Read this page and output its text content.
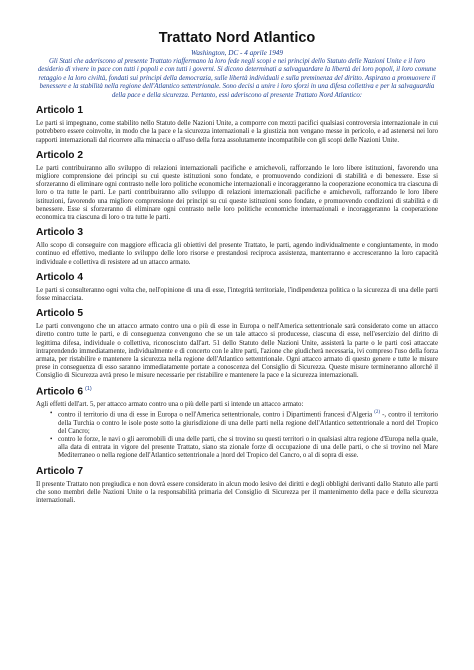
Trattato Nord Atlantico
Washington, DC - 4 aprile 1949
Gli Stati che aderiscono al presente Trattato riaffermano la loro fede negli scopi e nei principi dello Statuto delle Nazioni Unite e il loro desiderio di vivere in pace con tutti i popoli e con tutti i governi. Si dicono determinati a salvaguardare la libertà dei loro popoli, il loro comune retaggio e la loro civiltà, fondati sui principi della democrazia, sulle libertà individuali e sulla preminenza del diritto. Aspirano a promuovere il benessere e la stabilità nella regione dell'Atlantico settentrionale. Sono decisi a unire i loro sforzi in una difesa collettiva e per la salvaguardia della pace e della sicurezza. Pertanto, essi aderiscono al presente Trattato Nord Atlantico:
Articolo 1

Le parti si impegnano, come stabilito nello Statuto delle Nazioni Unite, a comporre con mezzi pacifici qualsiasi controversia internazionale in cui potrebbero essere coinvolte, in modo che la pace e la sicurezza internazionali e la giustizia non vengano messe in pericolo, e ad astenersi nei loro rapporti internazionali dal ricorrere alla minaccia o all'uso della forza assolutamente incompatibile con gli scopi delle Nazioni Unite.

Articolo 2

Le parti contribuiranno allo sviluppo di relazioni internazionali pacifiche e amichevoli, rafforzando le loro libere istituzioni, favorendo una migliore comprensione dei principi su cui queste istituzioni sono fondate, e promuovendo condizioni di stabilità e di benessere. Esse si sforzeranno di eliminare ogni contrasto nelle loro politiche economiche internazionali e incoraggeranno la cooperazione economica tra ciascuna di loro o tra tutte le parti. Le parti contribuiranno allo sviluppo di relazioni internazionali pacifiche e amichevoli, rafforzando le loro libere istituzioni, favorendo una migliore comprensione dei principi su cui queste istituzioni sono fondate, e promuovendo condizioni di stabilità e di benessere. Esse si sforzeranno di eliminare ogni contrasto nelle loro politiche economiche internazionali e incoraggeranno la cooperazione economica tra ciascuna di loro o tra tutte le parti.

Articolo 3

Allo scopo di conseguire con maggiore efficacia gli obiettivi del presente Trattato, le parti, agendo individualmente e congiuntamente, in modo continuo ed effettivo, mediante lo sviluppo delle loro risorse e prestandosi reciproca assistenza, manterranno e accresceranno la loro capacità individuale e collettiva di resistere ad un attacco armato.

Articolo 4

Le parti si consulteranno ogni volta che, nell'opinione di una di esse, l'integrità territoriale, l'indipendenza politica o la sicurezza di una delle parti fosse minacciata.

Articolo 5

Le parti convengono che un attacco armato contro una o più di esse in Europa o nell'America settentrionale sarà considerato come un attacco diretto contro tutte le parti, e di conseguenza convengono che se un tale attacco si producesse, ciascuna di esse, nell'esercizio del diritto di legittima difesa, individuale o collettiva, riconosciuto dall'art. 51 dello Statuto delle Nazioni Unite, assisterà la parte o le parti così attaccate intraprendendo immediatamente, individualmente e di concerto con le altre parti, l'azione che giudicherà necessaria, ivi compreso l'uso della forza armata, per ristabilire e mantenere la sicurezza nella regione dell'Atlantico settentrionale. Ogni attacco armato di questo genere e tutte le misure prese in conseguenza di esso saranno immediatamente portate a conoscenza del Consiglio di Sicurezza. Queste misure termineranno allorché il Consiglio di Sicurezza avrà preso le misure necessarie per ristabilire e mantenere la pace e la sicurezza internazionali.

Articolo 6 $^{(1)}$

Agli effetti dell'art. 5, per attacco armato contro una o più delle parti si intende un attacco armato:

• contro il territorio di una di esse in Europa o nell'America settentrionale, contro i Dipartimenti francesi d'Algeria $^{(2)}$ -, contro il territorio della Turchia o contro le isole poste sotto la giurisdizione di una delle parti nella regione dell'Atlantico settentrionale a nord del Tropico del Cancro;
• contro le forze, le navi o gli aeromobili di una delle parti, che si trovino su questi territori o in qualsiasi altra regione d'Europa nella quale, alla data di entrata in vigore del presente Trattato, siano sta zionale forze di occupazione di una delle parti, o che si trovino nel Mare Mediterraneo o nella regione dell'Atlantico settentrionale a |nord del Tropico del Cancro, o al di sopra di esse.
Articolo 7

Il presente Trattato non pregiudica e non dovrà essere considerato in alcun modo lesivo dei diritti e degli obblighi derivanti dallo Statuto alle parti che sono membri delle Nazioni Unite o la responsabilità primaria del Consiglio di Sicurezza per il mantenimento della pace e della sicurezza internazionali.
